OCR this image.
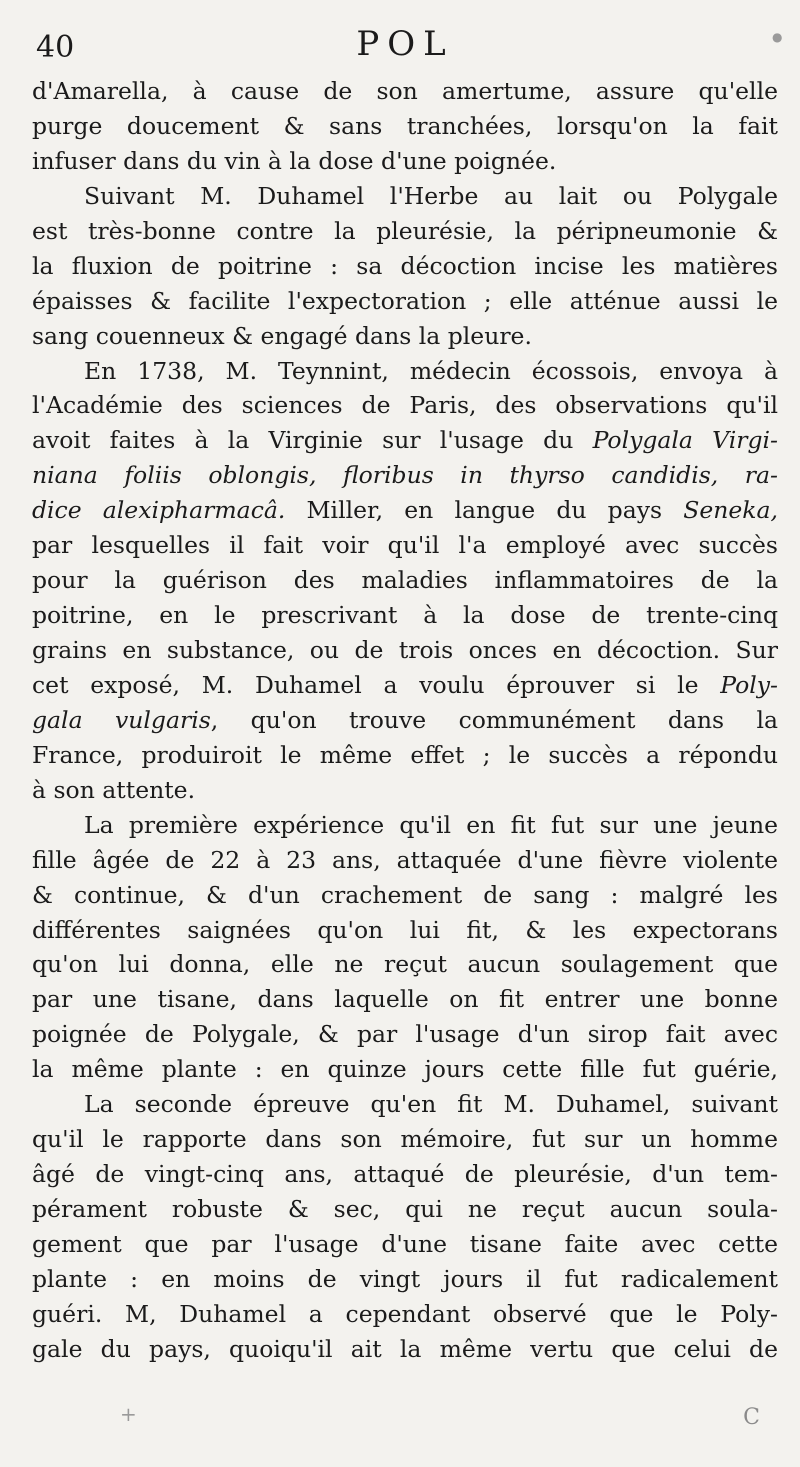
40	POL
d'Amarella, à cause de son amertume, assure qu'elle
purge doucement & sans tranchées, lorsqu'on la fait
infuser dans du vin à la dose d'une poignée.
Suivant M. Duhamel l'Herbe au lait ou Polygale
est très-bonne contre la pleurésie, la péripneumonie &
la fluxion de poitrine : sa décoction incise les matières
épaisses & facilite l'expectoration ; elle atténue aussi le
sang couenneux & engagé dans la pleure.
En 1738, M. Teynnint, médecin écossois, envoya à
l'Académie des sciences de Paris, des observations qu'il
avoit faites à la Virginie sur l'usage du Polygala Virgi-
niana foliis oblongis, floribus in thyrso candidis, ra-
dice alexipharmacâ. Miller, en langue du pays Seneka,
par lesquelles il fait voir qu'il l'a employé avec succès
pour la guérison des maladies inflammatoires de la
poitrine, en le prescrivant à la dose de trente-cinq
grains en substance, ou de trois onces en décoction. Sur
cet exposé, M. Duhamel a voulu éprouver si le Poly-
gala vulgaris, qu'on trouve communément dans la
France, produiroit le même effet ; le succès a répondu
à son attente.
La première expérience qu'il en fit fut sur une jeune
fille âgée de 22 à 23 ans, attaquée d'une fièvre violente
& continue, & d'un crachement de sang : malgré les
différentes saignées qu'on lui fit, & les expectorans
qu'on lui donna, elle ne reçut aucun soulagement que
par une tisane, dans laquelle on fit entrer une bonne
poignée de Polygale, & par l'usage d'un sirop fait avec
la même plante : en quinze jours cette fille fut guérie,
La seconde épreuve qu'en fit M. Duhamel, suivant
qu'il le rapporte dans son mémoire, fut sur un homme
âgé de vingt-cinq ans, attaqué de pleurésie, d'un tem-
pérament robuste & sec, qui ne reçut aucun soula-
gement que par l'usage d'une tisane faite avec cette
plante : en moins de vingt jours il fut radicalement
guéri. M, Duhamel a cependant observé que le Poly-
gale du pays, quoiqu'il ait la même vertu que celui de
+
●
C
